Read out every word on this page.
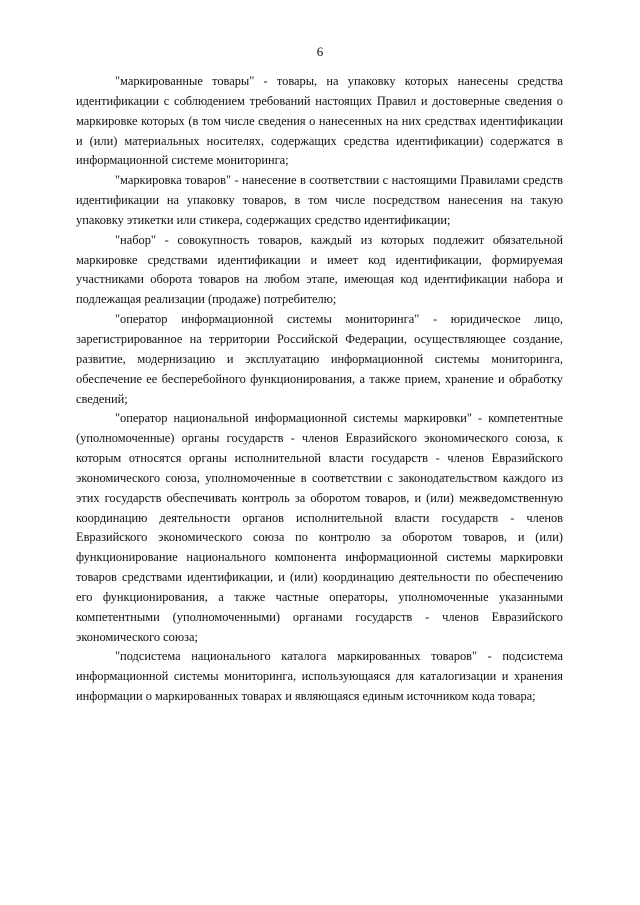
6

"маркированные товары" - товары, на упаковку которых нанесены средства идентификации с соблюдением требований настоящих Правил и достоверные сведения о маркировке которых (в том числе сведения о нанесенных на них средствах идентификации и (или) материальных носителях, содержащих средства идентификации) содержатся в информационной системе мониторинга;

"маркировка товаров" - нанесение в соответствии с настоящими Правилами средств идентификации на упаковку товаров, в том числе посредством нанесения на такую упаковку этикетки или стикера, содержащих средство идентификации;

"набор" - совокупность товаров, каждый из которых подлежит обязательной маркировке средствами идентификации и имеет код идентификации, формируемая участниками оборота товаров на любом этапе, имеющая код идентификации набора и подлежащая реализации (продаже) потребителю;

"оператор информационной системы мониторинга" - юридическое лицо, зарегистрированное на территории Российской Федерации, осуществляющее создание, развитие, модернизацию и эксплуатацию информационной системы мониторинга, обеспечение ее бесперебойного функционирования, а также прием, хранение и обработку сведений;

"оператор национальной информационной системы маркировки" - компетентные (уполномоченные) органы государств - членов Евразийского экономического союза, к которым относятся органы исполнительной власти государств - членов Евразийского экономического союза, уполномоченные в соответствии с законодательством каждого из этих государств обеспечивать контроль за оборотом товаров, и (или) межведомственную координацию деятельности органов исполнительной власти государств - членов Евразийского экономического союза по контролю за оборотом товаров, и (или) функционирование национального компонента информационной системы маркировки товаров средствами идентификации, и (или) координацию деятельности по обеспечению его функционирования, а также частные операторы, уполномоченные указанными компетентными (уполномоченными) органами государств - членов Евразийского экономического союза;

"подсистема национального каталога маркированных товаров" - подсистема информационной системы мониторинга, использующаяся для каталогизации и хранения информации о маркированных товарах и являющаяся единым источником кода товара;
